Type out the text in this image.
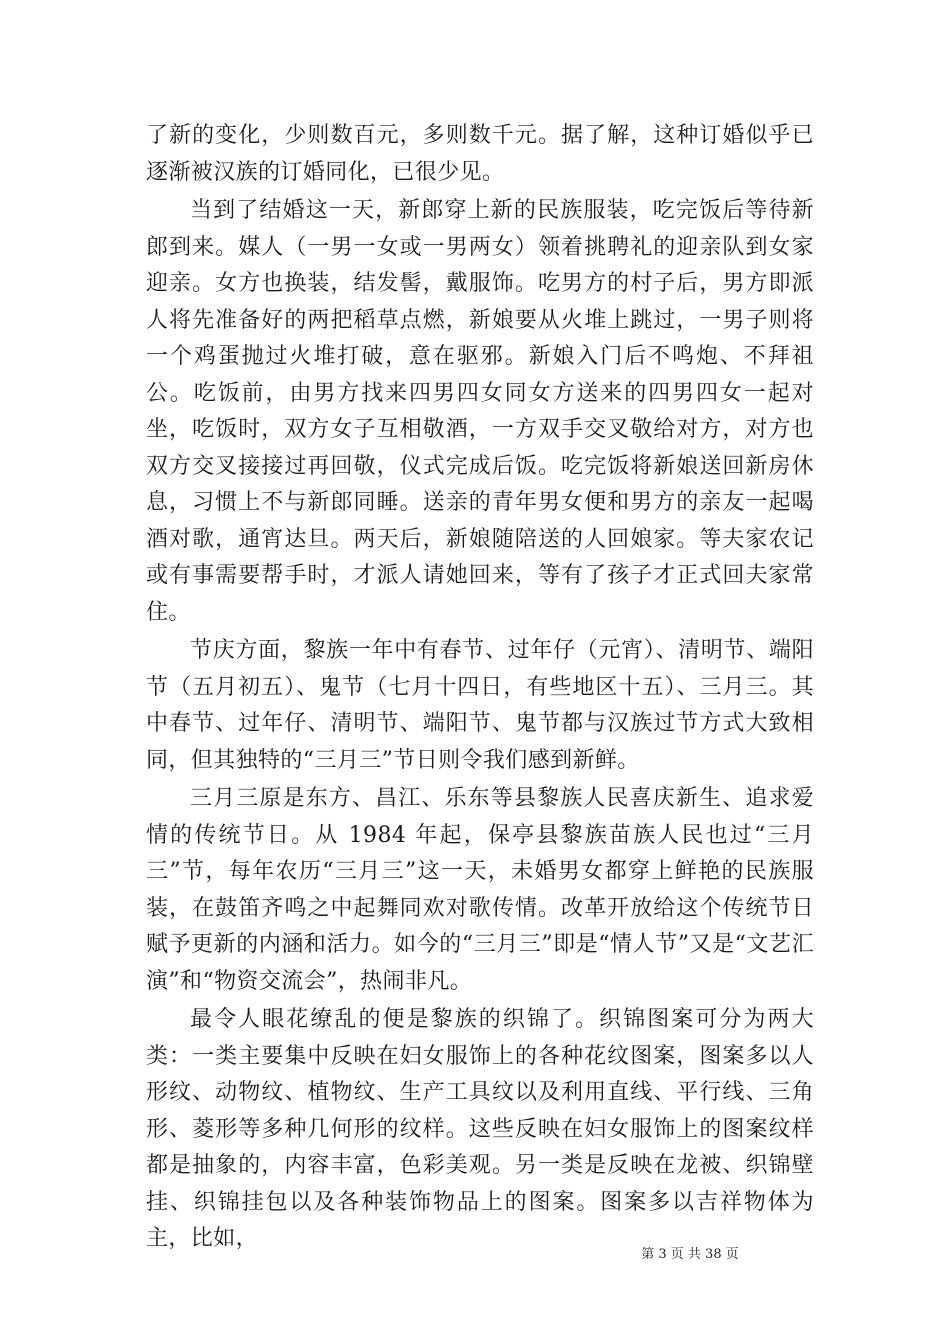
了新的变化，少则数百元，多则数千元。据了解，这种订婚似乎已逐渐被汉族的订婚同化，已很少见。

当到了结婚这一天，新郎穿上新的民族服装，吃完饭后等待新郎到来。媒人（一男一女或一男两女）领着挑聘礼的迎亲队到女家迎亲。女方也换装，结发髻，戴服饰。吃男方的村子后，男方即派人将先准备好的两把稻草点燃，新娘要从火堆上跳过，一男子则将一个鸡蛋抛过火堆打破，意在驱邪。新娘入门后不鸣炮、不拜祖公。吃饭前，由男方找来四男四女同女方送来的四男四女一起对坐，吃饭时，双方女子互相敬酒，一方双手交叉敬给对方，对方也双方交叉接接过再回敬，仪式完成后饭。吃完饭将新娘送回新房休息，习惯上不与新郎同睡。送亲的青年男女便和男方的亲友一起喝酒对歌，通宵达旦。两天后，新娘随陪送的人回娘家。等夫家农记或有事需要帮手时，才派人请她回来，等有了孩子才正式回夫家常住。

节庆方面，黎族一年中有春节、过年仔（元宵）、清明节、端阳节（五月初五）、鬼节（七月十四日，有些地区十五）、三月三。其中春节、过年仔、清明节、端阳节、鬼节都与汉族过节方式大致相同，但其独特的“三月三”节日则令我们感到新鲜。

三月三原是东方、昌江、乐东等县黎族人民喜庆新生、追求爱情的传统节日。从 1984 年起，保亭县黎族苗族人民也过“三月三”节，每年农历“三月三”这一天，未婚男女都穿上鲜艳的民族服装，在鼓笛齐鸣之中起舞同欢对歌传情。改革开放给这个传统节日赋予更新的内涵和活力。如今的“三月三”即是“情人节”又是“文艺汇演”和“物资交流会”，热闹非凡。

最令人眼花缭乱的便是黎族的织锦了。织锦图案可分为两大类：一类主要集中反映在妇女服饰上的各种花纹图案，图案多以人形纹、动物纹、植物纹、生产工具纹以及利用直线、平行线、三角形、菱形等多种几何形的纹样。这些反映在妇女服饰上的图案纹样都是抽象的，内容丰富，色彩美观。另一类是反映在龙被、织锦壁挂、织锦挂包以及各种装饰物品上的图案。图案多以吉祥物体为主，比如，

第 3 页 共 38 页
